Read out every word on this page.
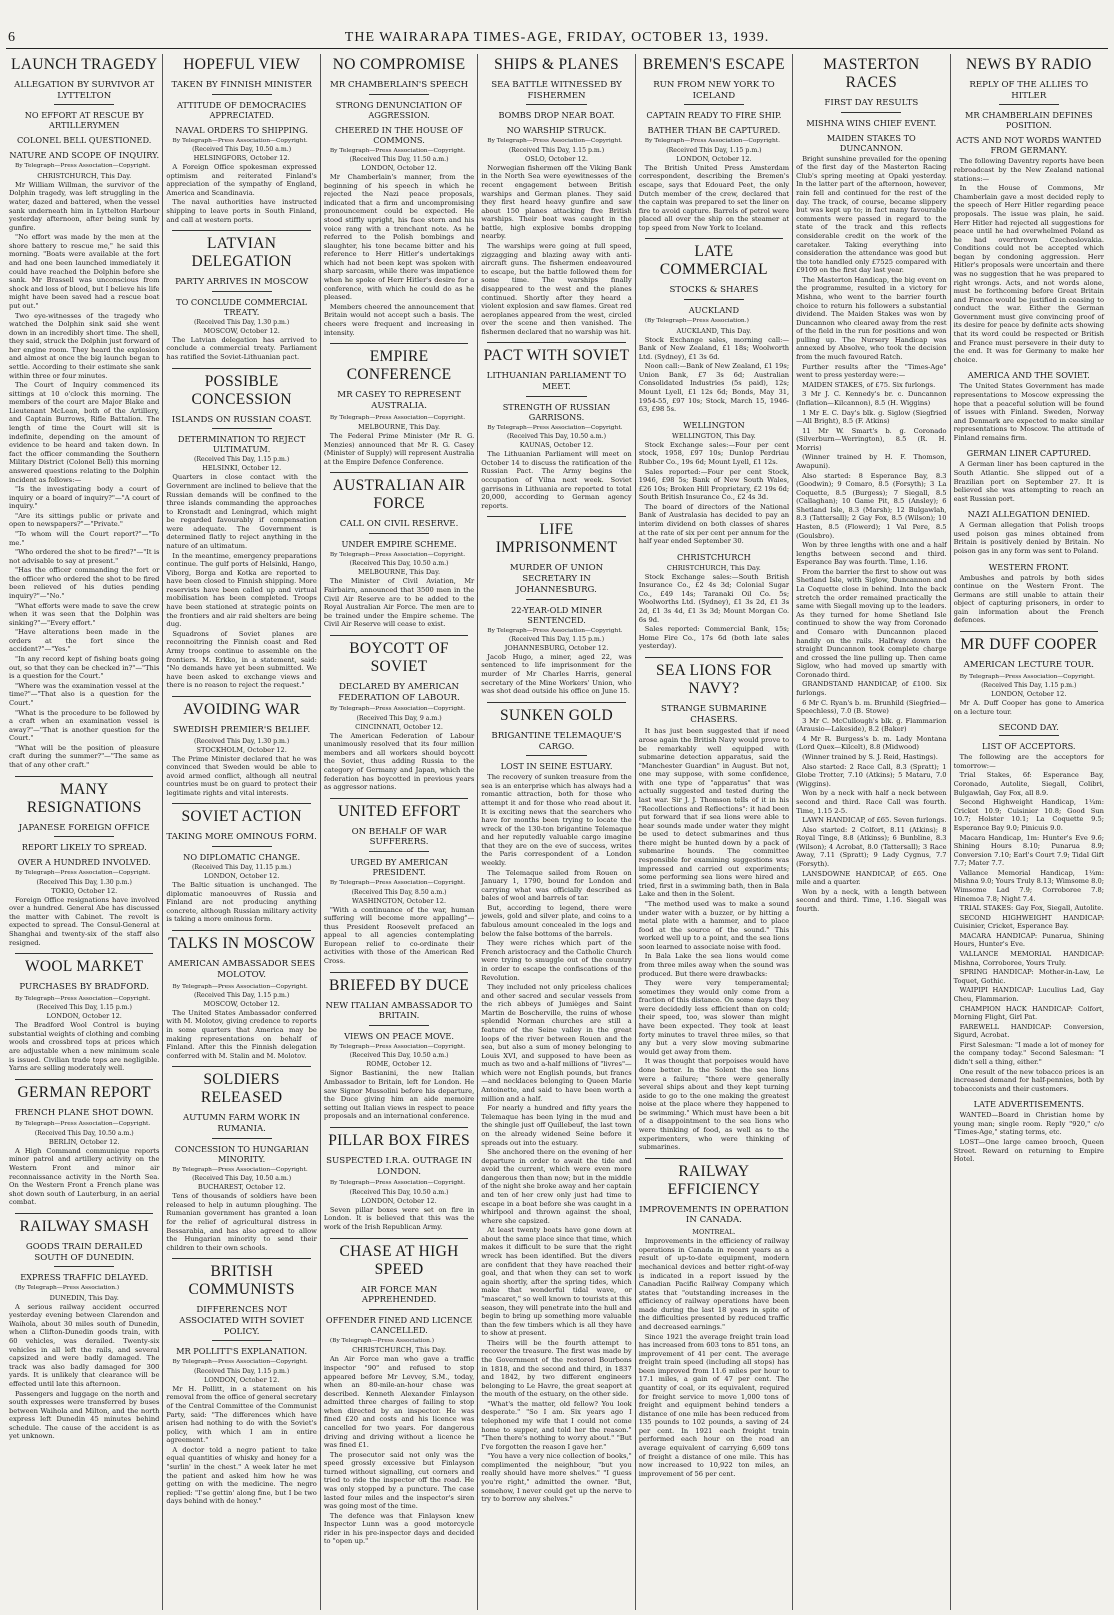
6	THE WAIRARAPA TIMES-AGE, FRIDAY, OCTOBER 13, 1939.
LAUNCH TRAGEDY
ALLEGATION BY SURVIVOR AT LYTTELTON
NO EFFORT AT RESCUE BY ARTILLERYMEN
COLONEL BELL QUESTIONED.
NATURE AND SCOPE OF INQUIRY.
By Telegraph—Press Association—Copyright.
CHRISTCHURCH, This Day.

Mr William Willman, the survivor of the Dolphin tragedy, was left struggling in the water, dazed and battered, when the vessel sank underneath him in Lyttelton Harbour yesterday afternoon, after being sunk by gunfire.

"No effort was made by the men at the shore battery to rescue me," he said this morning. "Boats were available at the fort and had one been launched immediately it could have reached the Dolphin before she sank. Mr Brassell was unconscious from shock and loss of blood, but I believe his life might have been saved had a rescue boat put out."

Two eye-witnesses of the tragedy who watched the Dolphin sink said she went down in an incredibly short time. The shell, they said, struck the Dolphin just forward of her engine room. They heard the explosion and almost at once the big launch began to settle. According to their estimate she sank within three or four minutes.

The Court of Inquiry commenced its sittings at 10 o'clock this morning. The members of the court are Major Blake and Lieutenant McLean, both of the Artillery, and Captain Burrows, Rifle Battalion. The length of time the Court will sit is indefinite, depending on the amount of evidence to be heard and taken down. In fact the officer commanding the Southern Military District (Colonel Bell) this morning answered questions relating to the Dolphin incident as follows:—

"Is the investigating body a court of inquiry or a board of inquiry?"—"A court of inquiry."

"Are its sittings public or private and open to newspapers?"—"Private."

"To whom will the Court report?"—"To me."

"Who ordered the shot to be fired?"—"It is not advisable to say at present."

"Has the officer commanding the fort or the officer who ordered the shot to be fired been relieved of his duties pending inquiry?"—"No."

"What efforts were made to save the crew when it was seen that the Dolphin was sinking?"—"Every effort."

"Have alterations been made in the orders at the fort since the accident?"—"Yes."

"In any record kept of fishing boats going out, so that they can be checked in?"—"This is a question for the Court."

"Where was the examination vessel at the time?"—"That also is a question for the Court."

"What is the procedure to be followed by a craft when an examination vessel is away?"—"That is another question for the Court."

"What will be the position of pleasure craft during the summer?"—"The same as that of any other craft."

MANY RESIGNATIONS
JAPANESE FOREIGN OFFICE
REPORT LIKELY TO SPREAD.
OVER A HUNDRED INVOLVED.
By Telegraph—Press Association—Copyright.
(Received This Day, 1.30 p.m.)
TOKIO, October 12.

Foreign Office resignations have involved over a hundred. General Abe has discussed the matter with Cabinet. The revolt is expected to spread. The Consul-General at Shanghai and twenty-six of the staff also resigned.

WOOL MARKET
PURCHASES BY BRADFORD.
By Telegraph—Press Association—Copyright.
(Received This Day, 1.15 p.m.)
LONDON, October 12.

The Bradford Wool Control is buying substantial weights of clothing and combing wools and crossbred tops at prices which are adjustable when a new minimum scale is issued. Civilian trade tops are negligible. Yarns are selling moderately well.

GERMAN REPORT
FRENCH PLANE SHOT DOWN.
By Telegraph—Press Association—Copyright.
(Received This Day, 10.50 a.m.)
BERLIN, October 12.

A High Command communique reports minor patrol and artillery activity on the Western Front and minor air reconnaissance activity in the North Sea. On the Western Front a French plane was shot down south of Lauterburg, in an aerial combat.

RAILWAY SMASH
GOODS TRAIN DERAILED SOUTH OF DUNEDIN.
EXPRESS TRAFFIC DELAYED.
(By Telegraph—Press Association.)
DUNEDIN, This Day.

A serious railway accident occurred yesterday evening between Clarendon and Waihola, about 30 miles south of Dunedin, when a Clifton-Dunedin goods train, with 60 vehicles, was derailed. Twenty-six vehicles in all left the rails, and several capsized and were badly damaged. The track was also badly damaged for 300 yards. It is unlikely that clearance will be effected until late this afternoon.

Passengers and luggage on the north and south expresses were transferred by buses between Waihola and Milton, and the north express left Dunedin 45 minutes behind schedule. The cause of the accident is as yet unknown.

HOPEFUL VIEW
TAKEN BY FINNISH MINISTER
ATTITUDE OF DEMOCRACIES APPRECIATED.
NAVAL ORDERS TO SHIPPING.
By Telegraph—Press Association—Copyright.
(Received This Day, 10.50 a.m.)
HELSINGFORS, October 12.

A Foreign Office spokesman expressed optimism and reiterated Finland's appreciation of the sympathy of England, America and Scandinavia.

The naval authorities have instructed shipping to leave ports in South Finland, and call at western ports.

LATVIAN DELEGATION
PARTY ARRIVES IN MOSCOW
TO CONCLUDE COMMERCIAL TREATY.
(Received This Day, 1.30 p.m.)
MOSCOW, October 12.

The Latvian delegation has arrived to conclude a commercial treaty. Parliament has ratified the Soviet-Lithuanian pact.

POSSIBLE CONCESSION
ISLANDS ON RUSSIAN COAST.
DETERMINATION TO REJECT ULTIMATUM.
(Received This Day, 1.15 p.m.)
HELSINKI, October 12.

Quarters in close contact with the Government are inclined to believe that the Russian demands will be confined to the three islands commanding the approaches to Kronstadt and Leningrad, which might be regarded favourably if compensation were adequate. The Government is determined flatly to reject anything in the nature of an ultimatum.

In the meantime, emergency preparations continue. The gulf ports of Helsinki, Hango, Viborg, Borga and Kotka are reported to have been closed to Finnish shipping. More reservists have been called up and virtual mobilisation has been completed. Troops have been stationed at strategic points on the frontiers and air raid shelters are being dug.

Squadrons of Soviet planes are reconnoitring the Finnish coast and Red Army troops continue to assemble on the frontiers. M. Erkko, in a statement, said: "No demands have yet been submitted. We have been asked to exchange views and there is no reason to reject the request."

AVOIDING WAR
SWEDISH PREMIER'S BELIEF.
(Received This Day, 1.30 p.m.)
STOCKHOLM, October 12.

The Prime Minister declared that he was convinced that Sweden would be able to avoid armed conflict, although all neutral countries must be on guard to protect their legitimate rights and vital interests.

SOVIET ACTION
TAKING MORE OMINOUS FORM.
NO DIPLOMATIC CHANGE.
(Received This Day, 11.15 p.m.)
LONDON, October 12.

The Baltic situation is unchanged. The diplomatic manoeuvres of Russia and Finland are not producing anything concrete, although Russian military activity is taking a more ominous form.

TALKS IN MOSCOW
AMERICAN AMBASSADOR SEES MOLOTOV.
By Telegraph—Press Association—Copyright.
(Received This Day, 1.15 p.m.)
MOSCOW, October 12.

The United States Ambassador conferred with M. Molotov, giving credence to reports in some quarters that America may be making representations on behalf of Finland. After this the Finnish delegation conferred with M. Stalin and M. Molotov.

SOLDIERS RELEASED
AUTUMN FARM WORK IN RUMANIA.
CONCESSION TO HUNGARIAN MINORITY.
By Telegraph—Press Association—Copyright.
(Received This Day, 10.50 a.m.)
BUCHAREST, October 12.

Tens of thousands of soldiers have been released to help in autumn ploughing. The Rumanian government has granted a loan for the relief of agricultural distress in Bessarabia, and has also agreed to allow the Hungarian minority to send their children to their own schools.

BRITISH COMMUNISTS
DIFFERENCES NOT ASSOCIATED WITH SOVIET POLICY.
MR POLLITT'S EXPLANATION.
By Telegraph—Press Association—Copyright.
(Received This Day, 1.15 p.m.)
LONDON, October 12.

Mr H. Pollitt, in a statement on his removal from the office of general secretary of the Central Committee of the Communist Party, said: "The differences which have arisen had nothing to do with the Soviet's policy, with which I am in entire agreement."

A doctor told a negro patient to take equal quantities of whisky and honey for a "surlin' in the chest." A week later he met the patient and asked him how he was getting on with the medicine. The negro replied: "I'se gettin' along fine, but I be two days behind with de honey."

NO COMPROMISE
MR CHAMBERLAIN'S SPEECH
STRONG DENUNCIATION OF AGGRESSION.
CHEERED IN THE HOUSE OF COMMONS.
By Telegraph—Press Association—Copyright.
(Received This Day, 11.50 a.m.)
LONDON, October 12.

Mr Chamberlain's manner, from the beginning of his speech in which he rejected the Nazi peace proposals, indicated that a firm and uncompromising pronouncement could be expected. He stood stiffly upright, his face stern and his voice rang with a trenchant note. As he referred to the Polish bombings and slaughter, his tone became bitter and his reference to Herr Hitler's undertakings which had not been kept was spoken with sharp sarcasm, while there was impatience when he spoke of Herr Hitler's desire for a conference, with which he could do as he pleased.

Members cheered the announcement that Britain would not accept such a basis. The cheers were frequent and increasing in intensity.

EMPIRE CONFERENCE
MR CASEY TO REPRESENT AUSTRALIA.
By Telegraph—Press Association—Copyright.
MELBOURNE, This Day.

The Federal Prime Minister (Mr R. G. Menzies) announced that Mr R. G. Casey (Minister of Supply) will represent Australia at the Empire Defence Conference.

AUSTRALIAN AIR FORCE
CALL ON CIVIL RESERVE.
UNDER EMPIRE SCHEME.
By Telegraph—Press Association—Copyright.
(Received This Day, 10.50 a.m.)
MELBOURNE, This Day.

The Minister of Civil Aviation, Mr Fairbairn, announced that 3500 men in the Civil Air Reserve are to be added to the Royal Australian Air Force. The men are to be trained under the Empire scheme. The Civil Air Reserve will cease to exist.

BOYCOTT OF SOVIET
DECLARED BY AMERICAN FEDERATION OF LABOUR.
By Telegraph—Press Association—Copyright.
(Received This Day, 9 a.m.)
CINCINNATI, October 12.

The American Federation of Labour unanimously resolved that its four million members and all workers should boycott the Soviet, thus adding Russia to the category of Germany and Japan, which the federation has boycotted in previous years as aggressor nations.

UNITED EFFORT
ON BEHALF OF WAR SUFFERERS.
URGED BY AMERICAN PRESIDENT.
By Telegraph—Press Association—Copyright.
(Received This Day, 8.50 a.m.)
WASHINGTON, October 12.

"With a continuance of the war, human suffering will become more appalling"—thus President Roosevelt prefaced an appeal to all agencies contemplating European relief to co-ordinate their activities with those of the American Red Cross.

BRIEFED BY DUCE
NEW ITALIAN AMBASSADOR TO BRITAIN.
VIEWS ON PEACE MOVE.
By Telegraph—Press Association—Copyright.
(Received This Day, 10.50 a.m.)
ROME, October 12.

Signor Bastianini, the new Italian Ambassador to Britain, left for London. He saw Signor Mussolini before his departure, the Duce giving him an aide memoire setting out Italian views in respect to peace proposals and an international conference.

PILLAR BOX FIRES
SUSPECTED I.R.A. OUTRAGE IN LONDON.
By Telegraph—Press Association—Copyright.
(Received This Day, 10.50 a.m.)
LONDON, October 12.

Seven pillar boxes were set on fire in London. It is believed that this was the work of the Irish Republican Army.

CHASE AT HIGH SPEED
AIR FORCE MAN APPREHENDED.
OFFENDER FINED AND LICENCE CANCELLED.
(By Telegraph—Press Association.)
CHRISTCHURCH, This Day.

An Air Force man who gave a traffic inspector "90" and refused to stop appeared before Mr Levvey, S.M., today, when an 80-mile-an-hour chase was described. Kenneth Alexander Finlayson admitted three charges of failing to stop when directed by an inspector. He was fined £20 and costs and his licence was cancelled for two years. For dangerous driving and driving without a licence he was fined £1.

The prosecutor said not only was the speed grossly excessive but Finlayson turned without signalling, cut corners and tried to ride the inspector off the road. He was only stopped by a puncture. The case lasted four miles and the inspector's siren was going most of the time.

The defence was that Finlayson knew Inspector Lunn was a good motorcycle rider in his pre-inspector days and decided to "open up."

SHIPS & PLANES
SEA BATTLE WITNESSED BY FISHERMEN
BOMBS DROP NEAR BOAT.
NO WARSHIP STRUCK.
By Telegraph—Press Association—Copyright.
(Received This Day, 1.15 p.m.)
OSLO, October 12.

Norwegian fishermen off the Viking Bank in the North Sea were eyewitnesses of the recent engagement between British warships and German planes. They said they first heard heavy gunfire and saw about 150 planes attacking five British warships. Their boat was caught in the battle, high explosive bombs dropping nearby.

The warships were going at full speed, zigzagging and blazing away with anti-aircraft guns. The fishermen endeavoured to escape, but the battle followed them for some time. The warships finally disappeared to the west and the planes continued. Shortly after they heard a violent explosion and saw flames. Great red aeroplanes appeared from the west, circled over the scene and then vanished. The fishermen declared that no warship was hit.

PACT WITH SOVIET
LITHUANIAN PARLIAMENT TO MEET.
STRENGTH OF RUSSIAN GARRISONS.
By Telegraph—Press Association—Copyright.
(Received This Day, 10.50 a.m.)
KAUNAS, October 12.

The Lithuanian Parliament will meet on October 14 to discuss the ratification of the Russian Pact. The Army begins the occupation of Vilna next week. Soviet garrisons in Lithuania are reported to total 20,000, according to German agency reports.

LIFE IMPRISONMENT
MURDER OF UNION SECRETARY IN JOHANNESBURG.
22-YEAR-OLD MINER SENTENCED.
By Telegraph—Press Association—Copyright.
(Received This Day, 1.15 p.m.)
JOHANNESBURG, October 12.

Jacob Hugo, a miner, aged 22, was sentenced to life imprisonment for the murder of Mr Charles Harris, general secretary of the Mine Workers' Union, who was shot dead outside his office on June 15.

SUNKEN GOLD
BRIGANTINE TELEMAQUE'S CARGO.
LOST IN SEINE ESTUARY.

The recovery of sunken treasure from the sea is an enterprise which has always had a romantic attraction, both for those who attempt it and for those who read about it. It is exciting news that the searchers who have for months been trying to locate the wreck of the 130-ton brigantine Telemaque and her reputedly valuable cargo imagine that they are on the eve of success, writes the Paris correspondent of a London weekly.

The Telemaque sailed from Rouen on January 1, 1790, bound for London and carrying what was officially described as bales of wool and barrels of tar.

But, according to legend, there were jewels, gold and silver plate, and coins to a fabulous amount concealed in the logs and below the false bottoms of the barrels.

They were riches which part of the French aristocracy and the Catholic Church were trying to smuggle out of the country in order to escape the confiscations of the Revolution.

They included not only priceless chalices and other sacred and secular vessels from the rich abbeys of Jumièges and Saint Martin de Boscherville, the ruins of whose splendid Norman churches are still a feature of the Seine valley in the great loops of the river between Rouen and the sea, but also a sum of money belonging to Louis XVI, and supposed to have been as much as two and a-half millions of "livres"—which were not English pounds, but francs—and necklaces belonging to Queen Marie Antoinette, and said to have been worth a million and a half.

For nearly a hundred and fifty years the Telemaque has been lying in the mud and the shingle just off Quillebeuf, the last town on the already widened Seine before it spreads out into the estuary.

She anchored there on the evening of her departure in order to await the tide and avoid the current, which were even more dangerous then than now; but in the middle of the night she broke away and her captain and ten of her crew only just had time to escape in a boat before she was caught in a whirlpool and thrown against the shoal, where she capsized.

At least twenty boats have gone down at about the same place since that time, which makes it difficult to be sure that the right wreck has been identified. But the divers are confident that they have reached their goal, and that when they can set to work again shortly, after the spring tides, which make that wonderful tidal wave, or "mascaret," so well known to tourists at this season, they will penetrate into the hull and begin to bring up something more valuable than the few timbers which is all they have to show at present.

Theirs will be the fourth attempt to recover the treasure. The first was made by the Government of the restored Bourbons in 1818, and the second and third, in 1837 and 1842, by two different engineers belonging to Le Havre, the great seaport at the mouth of the estuary, on the other side.

"What's the matter, old fellow? You look desperate." "So I am. Six years ago I telephoned my wife that I could not come home to supper, and told her the reason." "Then there's nothing to worry about." "But I've forgotten the reason I gave her."

"You have a very nice collection of books," complimented the neighbour, "but you really should have more shelves." "I guess you're right," admitted the owner. "But, somehow, I never could get up the nerve to try to borrow any shelves."

BREMEN'S ESCAPE
RUN FROM NEW YORK TO ICELAND
CAPTAIN READY TO FIRE SHIP.
BATHER THAN BE CAPTURED.
By Telegraph—Press Association—Copyright.
(Received This Day, 1.15 p.m.)
LONDON, October 12.

The British United Press Amsterdam correspondent, describing the Bremen's escape, says that Edouard Peet, the only Dutch member of the crew, declared that the captain was prepared to set the liner on fire to avoid capture. Barrels of petrol were placed all over the ship on the steamer at top speed from New York to Iceland.

LATE COMMERCIAL
STOCKS & SHARES
AUCKLAND
(By Telegraph—Press Association.)
AUCKLAND, This Day.

Stock Exchange sales, morning call:—Bank of New Zealand, £1 18s; Woolworth Ltd. (Sydney), £1 3s 6d.

Noon call:—Bank of New Zealand, £1 19s; Union Bank, £7 3s 6d; Australian Consolidated Industries (5s paid), 12s; Mount Lyell, £1 12s 6d; Bonds, May 31, 1954-55, £97 10s; Stock, March 15, 1946-63, £98 5s.

WELLINGTON
WELLINGTON, This Day.

Stock Exchange sales:—Four per cent stock, 1958, £97 10s; Dunlop Perdriau Rubber Co., 19s 6d; Mount Lyell, £1 12s.

Sales reported:—Four per cent Stock, 1946, £98 5s; Bank of New South Wales, £26 10s; Broken Hill Proprietary, £2 19s 6d; South British Insurance Co., £2 4s 3d.

The board of directors of the National Bank of Australasia has decided to pay an interim dividend on both classes of shares at the rate of six per cent per annum for the half year ended September 30.

CHRISTCHURCH
CHRISTCHURCH, This Day.

Stock Exchange sales:—South British Insurance Co., £2 4s 3d; Colonial Sugar Co., £49 14s; Taranaki Oil Co. 5s; Woolworths Ltd. (Sydney), £1 3s 2d, £1 3s 2d, £1 3s 4d, £1 3s 3d; Mount Morgan Co. 6s 9d.

Sales reported: Commercial Bank, 15s; Home Fire Co., 17s 6d (both late sales yesterday).

SEA LIONS FOR NAVY?
STRANGE SUBMARINE CHASERS.

It has just been suggested that if need arose again the British Navy would prove to be remarkably well equipped with submarine detection apparatus, said the "Manchester Guardian" in August. But not, one may suppose, with some confidence, with one type of "apparatus" that was actually suggested and tested during the last war. Sir J. J. Thomson tells of it in his "Recollections and Reflections": it had been put forward that if sea lions were able to hear sounds made under water they might be used to detect submarines and thus there might be hunted down by a pack of submarine hounds. The committee responsible for examining suggestions was impressed and carried out experiments; some performing sea lions were hired and tried, first in a swimming bath, then in Bala Lake and then in the Solent.

"The method used was to make a sound under water with a buzzer, or by hitting a metal plate with a hammer, and to place food at the source of the sound." This worked well up to a point, and the sea lions soon learned to associate noise with food.

In Bala Lake the sea lions would come from three miles away when the sound was produced. But there were drawbacks:

They were very temperamental; sometimes they would only come from a fraction of this distance. On some days they were decidedly less efficient than on cold; their speed, too, was slower than might have been expected. They took at least forty minutes to travel three miles, so that any but a very slow moving submarine would get away from them.

It was thought that porpoises would have done better. In the Solent the sea lions were a failure; "there were generally several ships about and they kept turning aside to go to the one making the greatest noise at the place where they happened to be swimming." Which must have been a bit of a disappointment to the sea lions who were thinking of food, as well as to the experimenters, who were thinking of submarines.

RAILWAY EFFICIENCY
IMPROVEMENTS IN OPERATION IN CANADA.
MONTREAL.

Improvements in the efficiency of railway operations in Canada in recent years as a result of up-to-date equipment, modern mechanical devices and better right-of-way is indicated in a report issued by the Canadian Pacific Railway Company which states that "outstanding increases in the efficiency of railway operations have been made during the last 18 years in spite of the difficulties presented by reduced traffic and decreased earnings."

Since 1921 the average freight train load has increased from 603 tons to 851 tons, an improvement of 41 per cent. The average freight train speed (including all stops) has been improved from 11.6 miles per hour to 17.1 miles, a gain of 47 per cent. The quantity of coal, or its equivalent, required for freight service to move 1,000 tons of freight and equipment behind tenders a distance of one mile has been reduced from 135 pounds to 102 pounds, a saving of 24 per cent. In 1921 each freight train performed each hour on the road an average equivalent of carrying 6,609 tons of freight a distance of one mile. This has now increased to 10,922 ton miles, an improvement of 56 per cent.

MASTERTON RACES
FIRST DAY RESULTS
MISHNA WINS CHIEF EVENT.
MAIDEN STAKES TO DUNCANNON.

Bright sunshine prevailed for the opening of the first day of the Masterton Racing Club's spring meeting at Opaki yesterday. In the latter part of the afternoon, however, rain fell and continued for the rest of the day. The track, of course, became slippery but was kept up to; in fact many favourable comments were passed in regard to the state of the track and this reflects considerable credit on the work of the caretaker. Taking everything into consideration the attendance was good but the tote handled only £7525 compared with £9109 on the first day last year.

The Masterton Handicap, the big event on the programme, resulted in a victory for Mishna, who went to the barrier fourth choice to return his followers a substantial dividend. The Maiden Stakes was won by Duncannon who cleared away from the rest of the field in the run for positions and won pulling up. The Nursery Handicap was annexed by Absolve, who took the decision from the much favoured Ratch.

Further results after the "Times-Age" went to press yesterday were:—

MAIDEN STAKES, of £75. Six furlongs.

3 Mr J. C. Kennedy's br. c. Duncannon (Inflation—Kilcannon), 8.5 (H. Wiggins)

1 Mr E. C. Day's blk. g. Siglow (Siegfried—All Bright), 8.5 (F. Atkins)

11 Mr W. Smart's b. g. Coronado (Silverburn—Werrington), 8.5 (R. H. Morris)

(Winner trained by H. F. Thomson, Awapuni).

Also started: 8 Esperance Bay, 8.3 (Goodwin); 9 Comaro, 8.5 (Forsyth); 3 La Coquette, 8.5 (Burgess); 7 Siegall, 8.5 (Callaghan); 10 Game Pit, 8.5 (Ansley); 6 Shetland Isle, 8.3 (Marsh); 12 Bulgawlah, 8.3 (Tattersall); 2 Gay Fox, 8.5 (Wilson); 10 Hasten, 8.5 (Flowerd); 1 Val Pere, 8.5 (Goulsbro).

Won by three lengths with one and a half lengths between second and third. Esperance Bay was fourth. Time, 1.16.

From the barrier the first to show out was Shetland Isle, with Siglow, Duncannon and La Coquette close in behind. Into the back stretch the order remained practically the same with Siegall moving up to the leaders. As they turned for home Shetland Isle continued to show the way from Coronado and Comaro with Duncannon placed handily on the rails. Halfway down the straight Duncannon took complete charge and crossed the line pulling up. Then came Siglow, who had moved up smartly with Coronado third.

GRANDSTAND HANDICAP, of £100. Six furlongs.

6 Mr C. Ryan's b. m. Brunhild (Siegfried—Speechless), 7.0 (B. Stowe)

3 Mr C. McCullough's blk. g. Flammarion (Arausio—Lakeside), 8.2 (Baker)

4 Mr R. Burgess's b. m. Lady Montana (Lord Quex—Kilcelt), 8.8 (Midwood)

(Winner trained by S. J. Reid, Hastings).

Also started: 2 Race Call, 8.3 (Spratt); 1 Globe Trotter, 7.10 (Atkins); 5 Mataru, 7.0 (Wiggins).

Won by a neck with half a neck between second and third. Race Call was fourth. Time, 1.15 2-5.

LAWN HANDICAP, of £65. Seven furlongs.

Also started: 2 Colfort, 8.11 (Atkins); 8 Royal Tinge, 8.8 (Atkinss); 6 Bunbline, 8.3 (Wilson); 4 Acrobat, 8.0 (Tattersall); 3 Race Away, 7.11 (Spratt); 9 Lady Cygnus, 7.7 (Forsyth).

LANSDOWNE HANDICAP, of £65. One mile and a quarter.

Won by a neck, with a length between second and third. Time, 1.16. Siegall was fourth.

NEWS BY RADIO
REPLY OF THE ALLIES TO HITLER
MR CHAMBERLAIN DEFINES POSITION.
ACTS AND NOT WORDS WANTED FROM GERMANY.

The following Daventry reports have been rebroadcast by the New Zealand national stations:—

In the House of Commons, Mr Chamberlain gave a most decided reply to the speech of Herr Hitler regarding peace proposals. The issue was plain, he said. Herr Hitler had rejected all suggestions for peace until he had overwhelmed Poland as he had overthrown Czechoslovakia. Conditions could not be accepted which began by condoning aggression. Herr Hitler's proposals were uncertain and there was no suggestion that he was prepared to right wrongs. Acts, and not words alone, must be forthcoming before Great Britain and France would be justified in ceasing to conduct the war. Either the German Government must give convincing proof of its desire for peace by definite acts showing that its word could be respected or British and France must persevere in their duty to the end. It was for Germany to make her choice.

AMERICA AND THE SOVIET.

The United States Government has made representations to Moscow expressing the hope that a peaceful solution will be found of issues with Finland. Sweden, Norway and Denmark are expected to make similar representations to Moscow. The attitude of Finland remains firm.

GERMAN LINER CAPTURED.

A German liner has been captured in the South Atlantic. She slipped out of a Brazilian port on September 27. It is believed she was attempting to reach an east Russian port.

NAZI ALLEGATION DENIED.

A German allegation that Polish troops used poison gas mines obtained from Britain is positively denied by Britain. No poison gas in any form was sent to Poland.

WESTERN FRONT.

Ambushes and patrols by both sides continue on the Western Front. The Germans are still unable to attain their object of capturing prisoners, in order to gain information about the French defences.

MR DUFF COOPER
AMERICAN LECTURE TOUR.
By Telegraph—Press Association—Copyright.
(Received This Day, 1.15 p.m.)
LONDON, October 12.

Mr A. Duff Cooper has gone to America on a lecture tour.

SECOND DAY.
LIST OF ACCEPTORS.

The following are the acceptors for tomorrow:—

Trial Stakes, 6f: Esperance Bay, Coronado, Autolite, Siegall, Colibri, Bulgawlah, Gay Fox, all 8.9.

Second Highweight Handicap, 1¼m: Cricket 10.9; Cuisinier 10.8; Good Sun 10.7; Holster 10.1; La Coquette 9.5; Esperance Bay 9.0; Pinicuis 9.0.

Macara Handicap, 1m: Hunter's Eve 9.6; Shining Hours 8.10; Punarua 8.9; Conversion 7.10; Earl's Court 7.9; Tidal Gift 7.7; Mater 7.7.

Vallance Memorial Handicap, 1¼m: Mishna 9.0; Yours Truly 8.13; Wimsome 8.0; Wimsome Lad 7.9; Corroboree 7.8; Hinemoa 7.8; Night 7.4.

TRIAL STAKES: Gay Fox, Siegall, Autolite.

SECOND HIGHWEIGHT HANDICAP: Cuisinier, Cricket, Esperance Bay.

MACARA HANDICAP: Punarua, Shining Hours, Hunter's Eve.

VALLANCE MEMORIAL HANDICAP: Mishna, Corroboree, Yours Truly.

SPRING HANDICAP: Mother-in-Law, Le Toquet, Gothic.

WAIPIPI HANDICAP: Luculius Lad, Gay Cheu, Flammarion.

CHAMPION HACK HANDICAP: Colfort, Morning Flight, Girl Pat.

FAREWELL HANDICAP: Conversion, Sigurd, Acrobat.

First Salesman: "I made a lot of money for the company today." Second Salesman: "I didn't sell a thing, either."

One result of the new tobacco prices is an increased demand for half-pennies, both by tobacconists and their customers.

LATE ADVERTISEMENTS.

WANTED—Board in Christian home by young man; single room. Reply "920," c/o "Times-Age," stating terms, etc.

LOST—One large cameo brooch, Queen Street. Reward on returning to Empire Hotel.
